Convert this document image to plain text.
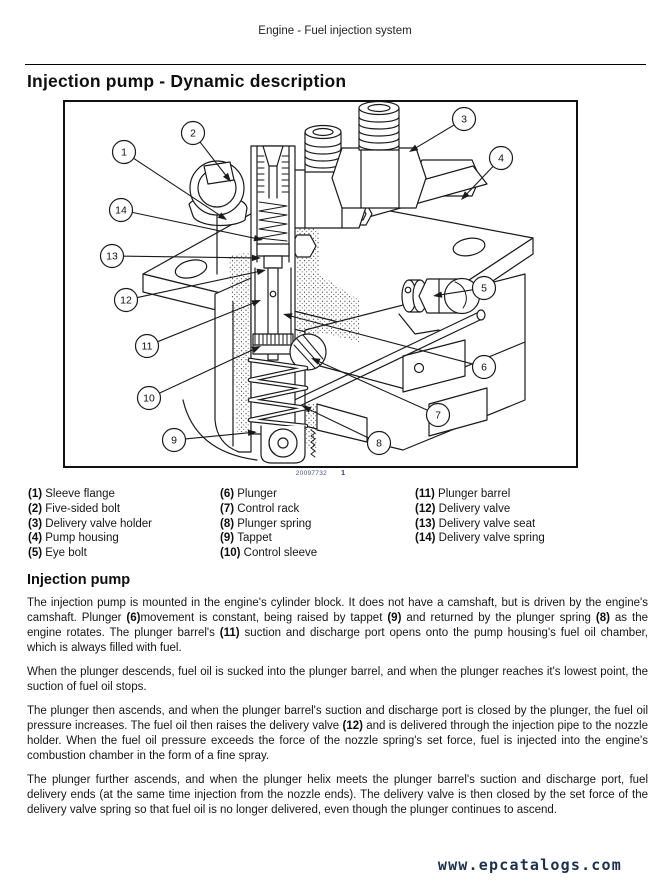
Engine - Fuel injection system
Injection pump - Dynamic description
1
2
3
4
5
6
7
8
9
10
11
12
13
14
20097732 1
(1) Sleeve flange
(2) Five-sided bolt
(3) Delivery valve holder
(4) Pump housing
(5) Eye bolt
(6) Plunger
(7) Control rack
(8) Plunger spring
(9) Tappet
(10) Control sleeve
(11) Plunger barrel
(12) Delivery valve
(13) Delivery valve seat
(14) Delivery valve spring
Injection pump

The injection pump is mounted in the engine's cylinder block. It does not have a camshaft, but is driven by the engine's camshaft. Plunger (6)movement is constant, being raised by tappet (9) and returned by the plunger spring (8) as the engine rotates. The plunger barrel's (11) suction and discharge port opens onto the pump housing's fuel oil chamber, which is always filled with fuel.

When the plunger descends, fuel oil is sucked into the plunger barrel, and when the plunger reaches it's lowest point, the suction of fuel oil stops.

The plunger then ascends, and when the plunger barrel's suction and discharge port is closed by the plunger, the fuel oil pressure increases. The fuel oil then raises the delivery valve (12) and is delivered through the injection pipe to the nozzle holder. When the fuel oil pressure exceeds the force of the nozzle spring's set force, fuel is injected into the engine's combustion chamber in the form of a fine spray.

The plunger further ascends, and when the plunger helix meets the plunger barrel's suction and discharge port, fuel delivery ends (at the same time injection from the nozzle ends). The delivery valve is then closed by the set force of the delivery valve spring so that fuel oil is no longer delivered, even though the plunger continues to ascend.

www.epcatalogs.com
